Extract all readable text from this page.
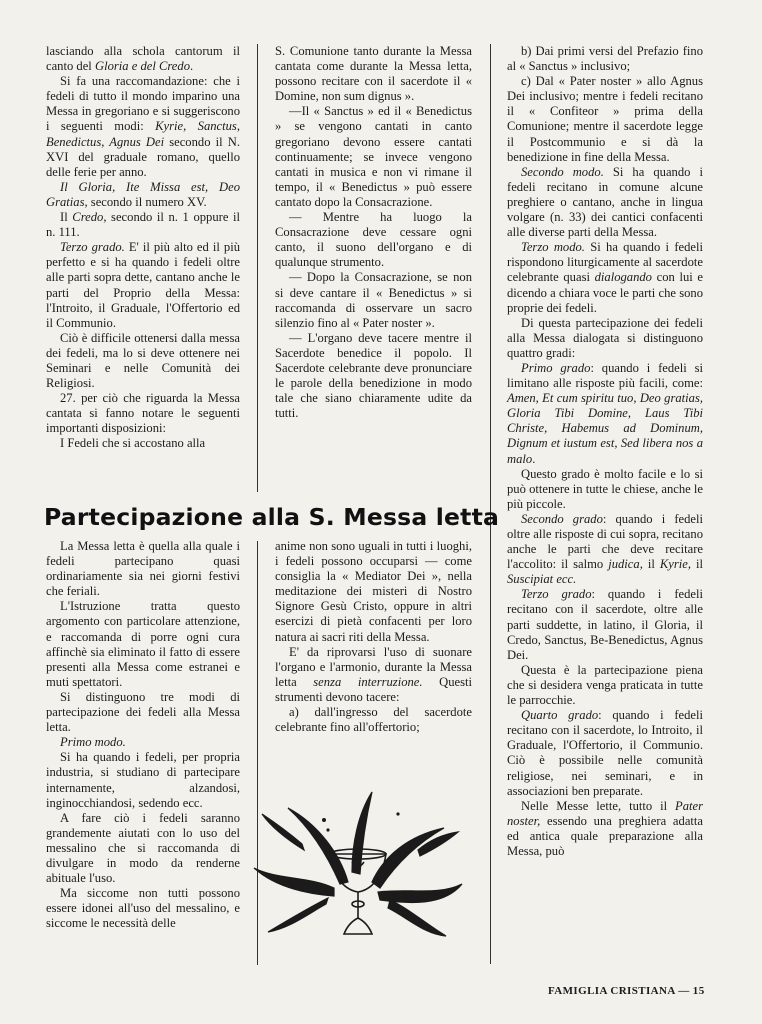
lasciando alla schola cantorum il canto del Gloria e del Credo.

Si fa una raccomandazione: che i fedeli di tutto il mondo imparino una Messa in gregoriano e si suggeriscono i seguenti modi: Kyrie, Sanctus, Benedictus, Agnus Dei secondo il N. XVI del graduale romano, quello delle ferie per anno.

Il Gloria, Ite Missa est, Deo Gratias, secondo il numero XV.

Il Credo, secondo il n. 1 oppure il n. 111.

Terzo grado. E' il più alto ed il più perfetto e si ha quando i fedeli oltre alle parti sopra dette, cantano anche le parti del Proprio della Messa: l'Introito, il Graduale, l'Offertorio ed il Communio.

Ciò è difficile ottenersi dalla messa dei fedeli, ma lo si deve ottenere nei Seminari e nelle Comunità dei Religiosi.

27. per ciò che riguarda la Messa cantata si fanno notare le seguenti importanti disposizioni:

I Fedeli che si accostano alla

S. Comunione tanto durante la Messa cantata come durante la Messa letta, possono recitare con il sacerdote il « Domine, non sum dignus ».

—Il « Sanctus » ed il « Benedictus » se vengono cantati in canto gregoriano devono essere cantati continuamente; se invece vengono cantati in musica e non vi rimane il tempo, il « Benedictus » può essere cantato dopo la Consacrazione.

— Mentre ha luogo la Consacrazione deve cessare ogni canto, il suono dell'organo e di qualunque strumento.

— Dopo la Consacrazione, se non si deve cantare il « Benedictus » si raccomanda di osservare un sacro silenzio fino al « Pater noster ».

— L'organo deve tacere mentre il Sacerdote benedice il popolo. Il Sacerdote celebrante deve pronunciare le parole della benedizione in modo tale che siano chiaramente udite da tutti.

b) Dai primi versi del Prefazio fino al « Sanctus » inclusivo;

c) Dal « Pater noster » allo Agnus Dei inclusivo; mentre i fedeli recitano il « Confiteor » prima della Comunione; mentre il sacerdote legge il Postcommunio e si dà la benedizione in fine della Messa.

Secondo modo. Si ha quando i fedeli recitano in comune alcune preghiere o cantano, anche in lingua volgare (n. 33) dei cantici confacenti alle diverse parti della Messa.

Terzo modo. Si ha quando i fedeli rispondono liturgicamente al sacerdote celebrante quasi dialogando con lui e dicendo a chiara voce le parti che sono proprie dei fedeli.

Di questa partecipazione dei fedeli alla Messa dialogata si distinguono quattro gradi:

Primo grado: quando i fedeli si limitano alle risposte più facili, come: Amen, Et cum spiritu tuo, Deo gratias, Gloria Tibi Domine, Laus Tibi Christe, Habemus ad Dominum, Dignum et iustum est, Sed libera nos a malo.

Questo grado è molto facile e lo si può ottenere in tutte le chiese, anche le più piccole.

Secondo grado: quando i fedeli oltre alle risposte di cui sopra, recitano anche le parti che deve recitare l'accolito: il salmo judica, il Kyrie, il Suscipiat ecc.

Terzo grado: quando i fedeli recitano con il sacerdote, oltre alle parti suddette, in latino, il Gloria, il Credo, Sanctus, Be-Benedictus, Agnus Dei.

Questa è la partecipazione piena che si desidera venga praticata in tutte le parrocchie.

Quarto grado: quando i fedeli recitano con il sacerdote, lo Introito, il Graduale, l'Offertorio, il Communio. Ciò è possibile nelle comunità religiose, nei seminari, e in associazioni ben preparate.

Nelle Messe lette, tutto il Pater noster, essendo una preghiera adatta ed antica quale preparazione alla Messa, può

Partecipazione alla S. Messa letta

La Messa letta è quella alla quale i fedeli partecipano quasi ordinariamente sia nei giorni festivi che feriali.

L'Istruzione tratta questo argomento con particolare attenzione, e raccomanda di porre ogni cura affinchè sia eliminato il fatto di essere presenti alla Messa come estranei e muti spettatori.

Si distinguono tre modi di partecipazione dei fedeli alla Messa letta.

Primo modo.

Si ha quando i fedeli, per propria industria, si studiano di partecipare internamente, alzandosi, inginocchiandosi, sedendo ecc.

A fare ciò i fedeli saranno grandemente aiutati con lo uso del messalino che si raccomanda di divulgare in modo da renderne abituale l'uso.

Ma siccome non tutti possono essere idonei all'uso del messalino, e siccome le necessità delle

anime non sono uguali in tutti i luoghi, i fedeli possono occuparsi — come consiglia la « Mediator Dei », nella meditazione dei misteri di Nostro Signore Gesù Cristo, oppure in altri esercizi di pietà confacenti per loro natura ai sacri riti della Messa.

E' da riprovarsi l'uso di suonare l'organo e l'armonio, durante la Messa letta senza interruzione. Questi strumenti devono tacere:

a) dall'ingresso del sacerdote celebrante fino all'offertorio;

FAMIGLIA CRISTIANA — 15
